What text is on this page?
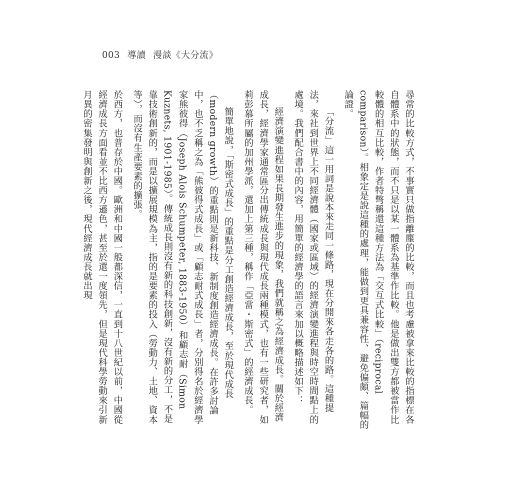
003 導讀 漫談《大分流》

尋常的比較方式，不事實只做指離塵的比較，而且也考慮被拿來比較的指標在各自體系中的狀態，而不只是以某一體系為基準作比較。他是做出雙方都被當作比較體的相互比較，作者特彆稱還這種方法為「交互式比較」（reciprocal comparison）。相象定是說這種的處理，能做到更具兼容性、避免偏頗、篇幅的論證。

「分流」這一用詞是說本來走同一條路，現在分開來各走各的路。這種提法，來社到世界上不同經濟體（國家或區域）的經濟演變進程與時空時間點上的處境。我們配合書中的內容，用簡單的經濟學的語言來加以概略描述如下：

經濟演變進程如果長期發生進步的現象，我們就稱之為經濟成長。關於經濟成長，經濟學家通常區分出傳統成長與現代成長兩種模式，也有一些研究者，如莉彭慕所屬的加州學派，還加上第三種，稱作「亞當・斯密式」的經濟成長。

簡單地說，「斯密式成長」的重點是分工創造經濟成長，至於現代成長（modern growth）的重點則是新科技、新制度創造經濟成長。在許多討論中，也不乏稱之為「熊彼得式成長」或「顧志耐式成長」者，分別得名於經濟學家熊彼得（Joseph Alois Schumpeter, 1883-1950）和顧志耐（Simon Kuznets, 1901-1985）。傳統成長則沒有新的科技創新，沒有新的分工，不是靠技術創新的，而是以擴展規模為主，指的是要素的投入（勞動力、土地、資本等），而沒有生產要素的擴張。

於西方，也普存於中國。歐洲和中國一般都深信，一直到十八世紀以前，中國從經濟成長方面看並不比西方遜色，甚至於還一度領先，但是現代科學勞動來引新月異的密集發明與創新之後，現代經濟成長就出現
